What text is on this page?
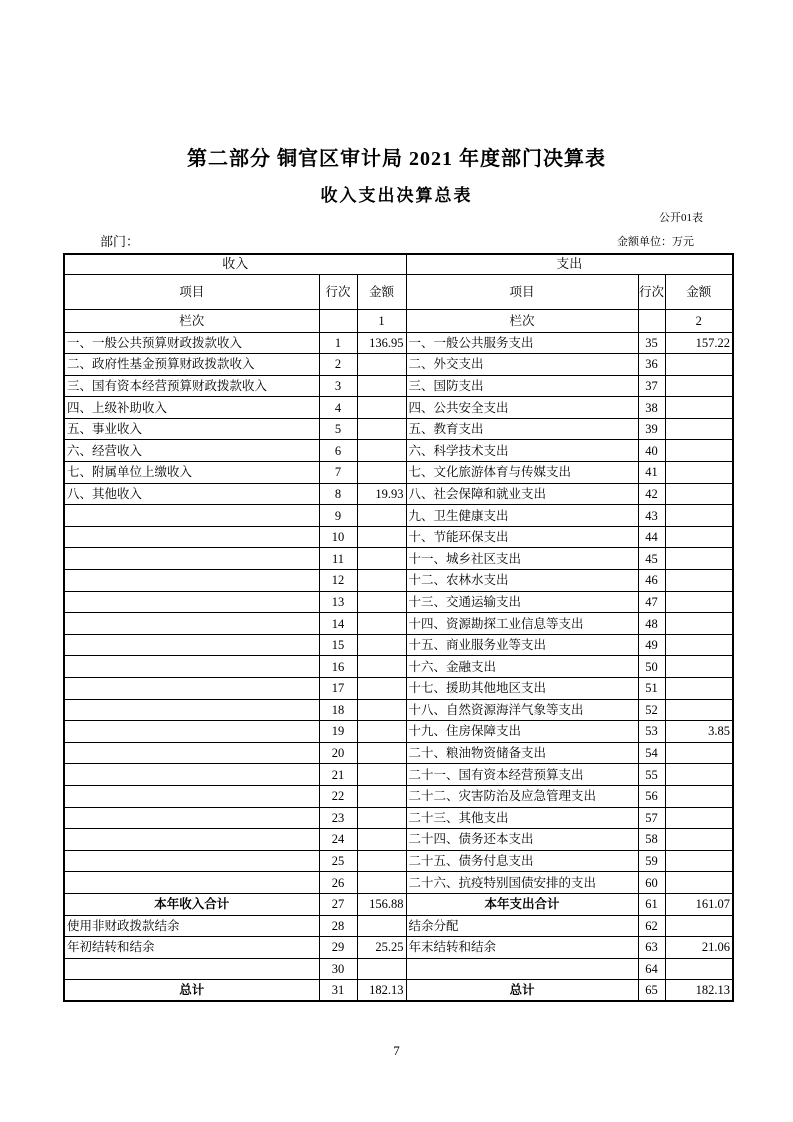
第二部分 铜官区审计局 2021 年度部门决算表
收入支出决算总表
公开01表
部门：	金额单位：万元
收入			支出		
项目	行次	金额	项目	行次	金额
栏次		1	栏次		2
一、一般公共预算财政拨款收入	1	136.95	一、一般公共服务支出	35	157.22
二、政府性基金预算财政拨款收入	2		二、外交支出	36	
三、国有资本经营预算财政拨款收入	3		三、国防支出	37	
四、上级补助收入	4		四、公共安全支出	38	
五、事业收入	5		五、教育支出	39	
六、经营收入	6		六、科学技术支出	40	
七、附属单位上缴收入	7		七、文化旅游体育与传媒支出	41	
八、其他收入	8	19.93	八、社会保障和就业支出	42	
	9		九、卫生健康支出	43	
	10		十、节能环保支出	44	
	11		十一、城乡社区支出	45	
	12		十二、农林水支出	46	
	13		十三、交通运输支出	47	
	14		十四、资源勘探工业信息等支出	48	
	15		十五、商业服务业等支出	49	
	16		十六、金融支出	50	
	17		十七、援助其他地区支出	51	
	18		十八、自然资源海洋气象等支出	52	
	19		十九、住房保障支出	53	3.85
	20		二十、粮油物资储备支出	54	
	21		二十一、国有资本经营预算支出	55	
	22		二十二、灾害防治及应急管理支出	56	
	23		二十三、其他支出	57	
	24		二十四、债务还本支出	58	
	25		二十五、债务付息支出	59	
	26		二十六、抗疫特别国债安排的支出	60	
本年收入合计	27	156.88	本年支出合计	61	161.07
使用非财政拨款结余	28		结余分配	62	
年初结转和结余	29	25.25	年末结转和结余	63	21.06
	30			64	
总计	31	182.13	总计	65	182.13
7
